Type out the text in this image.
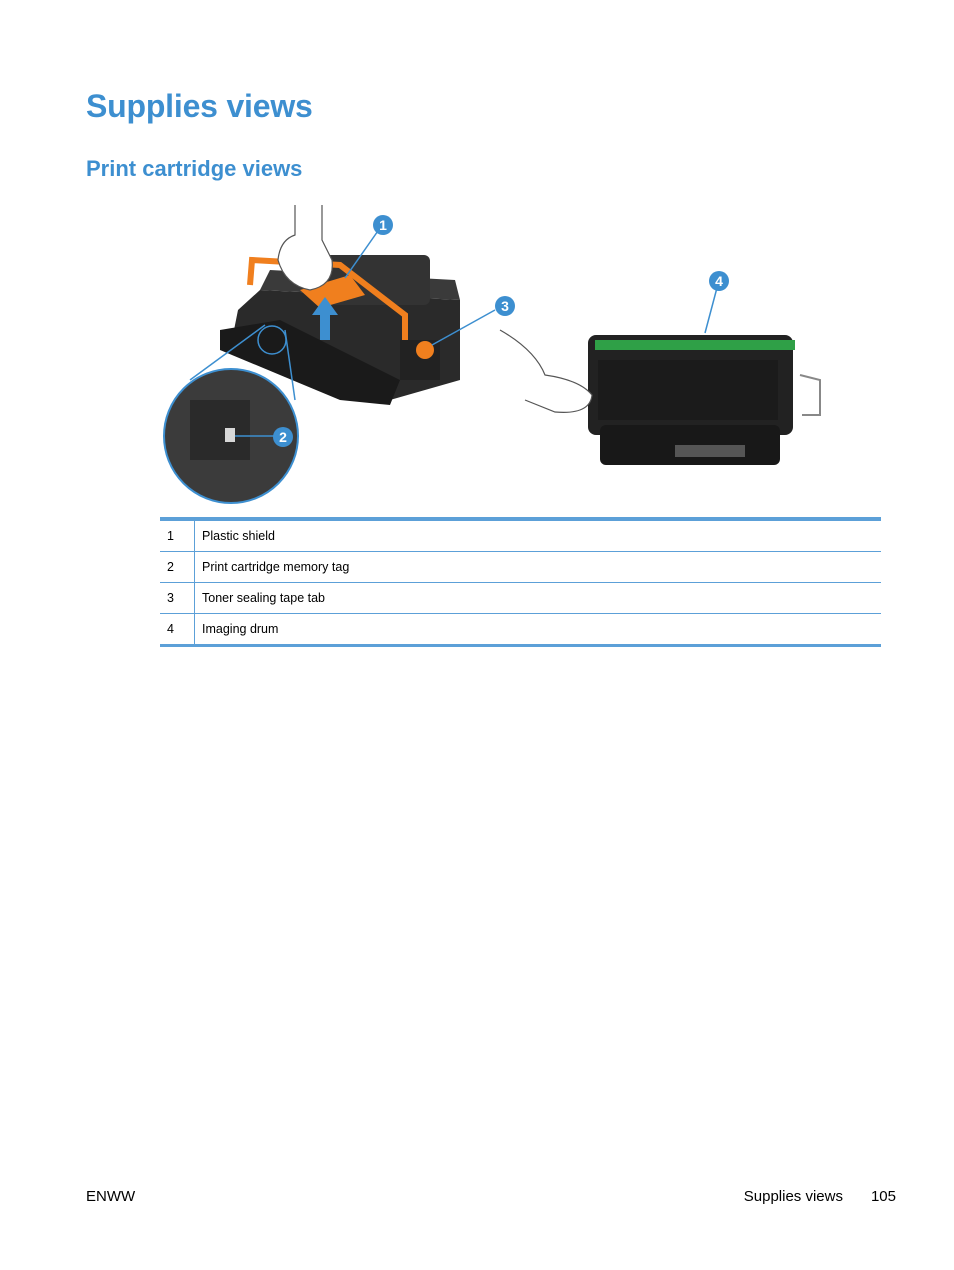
Supplies views
Print cartridge views
1
2
3
4
1	Plastic shield
2	Print cartridge memory tag
3	Toner sealing tape tab
4	Imaging drum
ENWW	Supplies views 105
